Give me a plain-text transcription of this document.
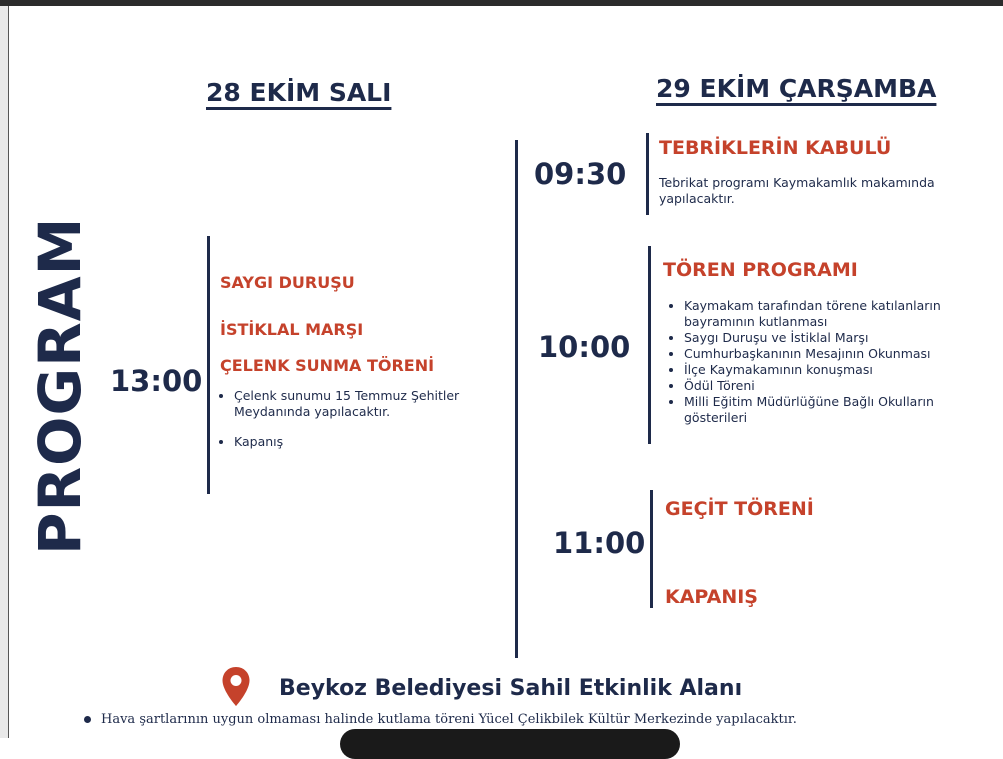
28 EKİM SALI	29 EKİM ÇARŞAMBA
PROGRAM 13:00
SAYGI DURUŞU
İSTİKLAL MARŞI
ÇELENK SUNMA TÖRENİ
• Çelenk sunumu 15 Temmuz Şehitler Meydanında yapılacaktır.
• Kapanış
09:30
TEBRİKLERİN KABULÜ
Tebrikat programı Kaymakamlık makamında yapılacaktır.
10:00
TÖREN PROGRAMI
• Kaymakam tarafından törene katılanların bayramının kutlanması
• Saygı Duruşu ve İstiklal Marşı
• Cumhurbaşkanının Mesajının Okunması
• İlçe Kaymakamının konuşması
• Ödül Töreni
• Milli Eğitim Müdürlüğüne Bağlı Okulların gösterileri
11:00
GEÇİT TÖRENİ
KAPANIŞ
Beykoz Belediyesi Sahil Etkinlik Alanı
Hava şartlarının uygun olmaması halinde kutlama töreni Yücel Çelikbilek Kültür Merkezinde yapılacaktır.
